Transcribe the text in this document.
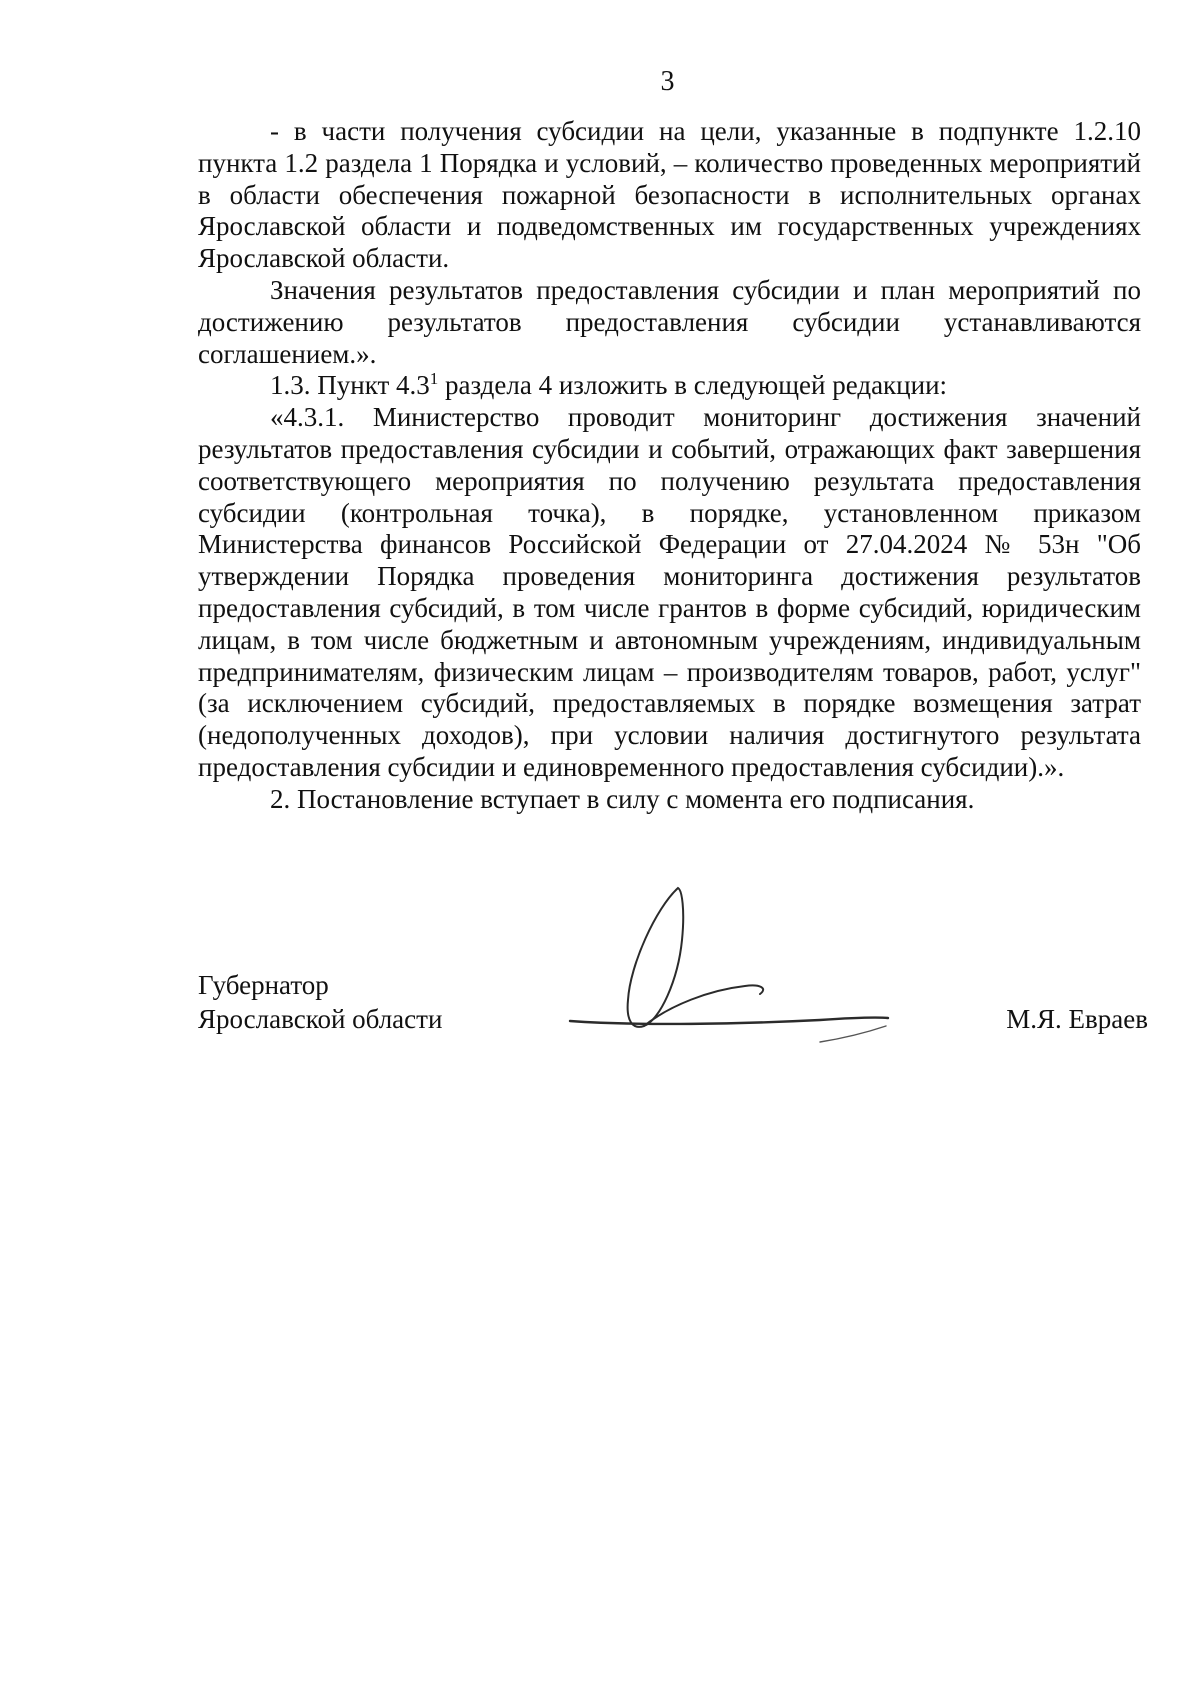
3

- в части получения субсидии на цели, указанные в подпункте 1.2.10 пункта 1.2 раздела 1 Порядка и условий, – количество проведенных мероприятий в области обеспечения пожарной безопасности в исполнительных органах Ярославской области и подведомственных им государственных учреждениях Ярославской области.

Значения результатов предоставления субсидии и план мероприятий по достижению результатов предоставления субсидии устанавливаются соглашением.».

1.3. Пункт $4.3^1$ раздела 4 изложить в следующей редакции:

«4.3.1. Министерство проводит мониторинг достижения значений результатов предоставления субсидии и событий, отражающих факт завершения соответствующего мероприятия по получению результата предоставления субсидии (контрольная точка), в порядке, установленном приказом Министерства финансов Российской Федерации от 27.04.2024 № 53н "Об утверждении Порядка проведения мониторинга достижения результатов предоставления субсидий, в том числе грантов в форме субсидий, юридическим лицам, в том числе бюджетным и автономным учреждениям, индивидуальным предпринимателям, физическим лицам – производителям товаров, работ, услуг" (за исключением субсидий, предоставляемых в порядке возмещения затрат (недополученных доходов), при условии наличия достигнутого результата предоставления субсидии и единовременного предоставления субсидии).».

2. Постановление вступает в силу с момента его подписания.

Губернатор
Ярославской области	М.Я. Евраев
